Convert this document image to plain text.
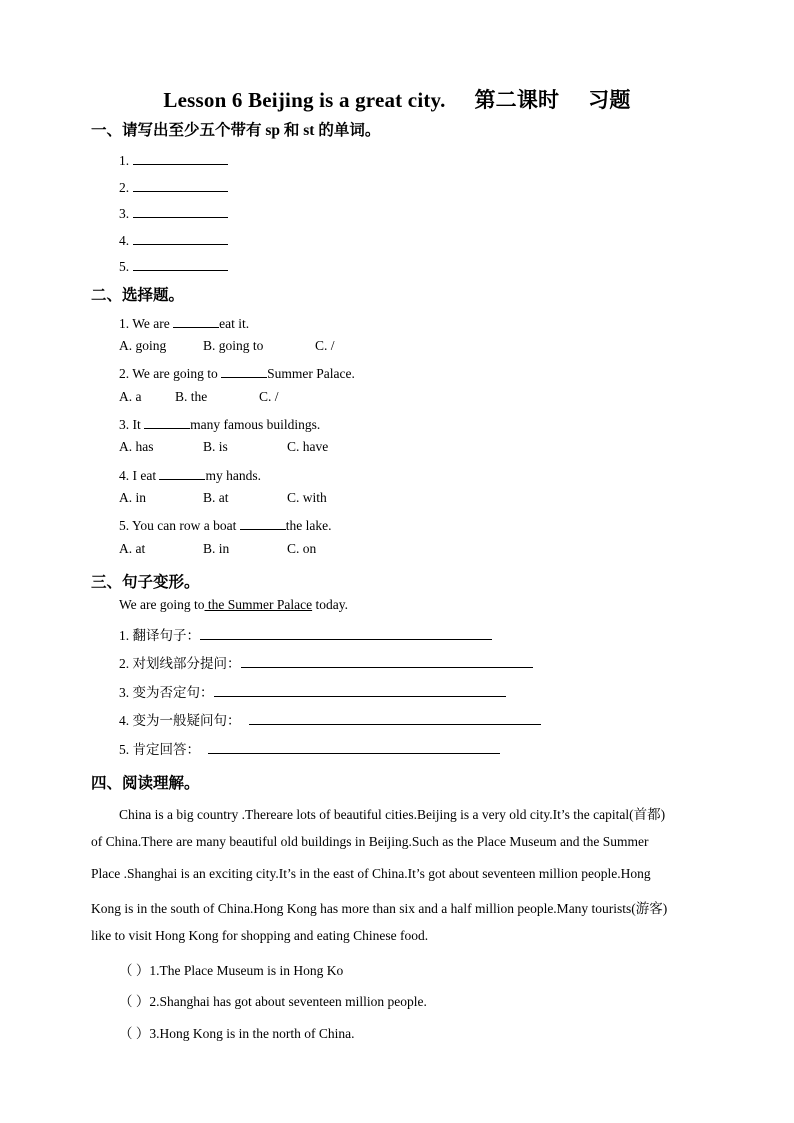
Lesson 6 Beijing is a great city. 第二课时 习题
一、请写出至少五个带有 sp 和 st 的单词。
1.
2.
3.
4.
5.
二、选择题。
1. We are	eat it.
A. going	B. going to	C. /
2. We are going to	Summer Palace.
A. a B. the	C. /
3. It	many famous buildings.
A. has	B. is	C. have
4. I eat	my hands.
A. in	B. at	C. with
5. You can row a boat	the lake.
A. at	B. in	C. on
三、句子变形。
We are going to the Summer Palace today.
1. 翻译句子：
2. 对划线部分提问：
3. 变为否定句：
4. 变为一般疑问句：
5. 肯定回答：
四、阅读理解。
China is a big country .Thereare lots of beautiful cities.Beijing is a very old city.It’s the capital(首都)
of China.There are many beautiful old buildings in Beijing.Such as the Place Museum and the Summer
Place .Shanghai is an exciting city.It’s in the east of China.It’s got about seventeen million people.Hong
Kong is in the south of China.Hong Kong has more than six and a half million people.Many tourists(游客)
like to visit Hong Kong for shopping and eating Chinese food.
（ ）1.The Place Museum is in Hong Ko
（ ）2.Shanghai has got about seventeen million people.
（ ）3.Hong Kong is in the north of China.
